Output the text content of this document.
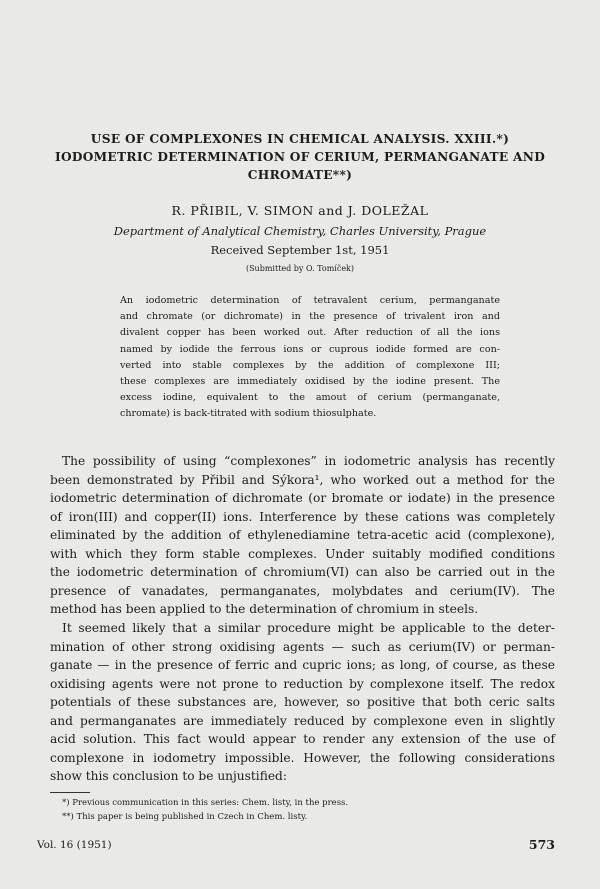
USE OF COMPLEXONES IN CHEMICAL ANALYSIS. XXIII.*)
IODOMETRIC DETERMINATION OF CERIUM, PERMANGANATE AND
CHROMATE**)
R. PŘIBIL, V. SIMON and J. DOLEŽAL
Department of Analytical Chemistry, Charles University, Prague
Received September 1st, 1951
(Submitted by O. Tomíček)
An iodometric determination of tetravalent cerium, permanganate
and chromate (or dichromate) in the presence of trivalent iron and
divalent copper has been worked out. After reduction of all the ions
named by iodide the ferrous ions or cuprous iodide formed are con-
verted into stable complexes by the addition of complexone III;
these complexes are immediately oxidised by the iodine present. The
excess iodine, equivalent to the amout of cerium (permanganate,
chromate) is back-titrated with sodium thiosulphate.
The possibility of using “complexones” in iodometric analysis has recently
been demonstrated by Přibil and Sýkora¹, who worked out a method for the
iodometric determination of dichromate (or bromate or iodate) in the presence
of iron(III) and copper(II) ions. Interference by these cations was completely
eliminated by the addition of ethylenediamine tetra-acetic acid (complexone),
with which they form stable complexes. Under suitably modified conditions
the iodometric determination of chromium(VI) can also be carried out in the
presence of vanadates, permanganates, molybdates and cerium(IV). The
method has been applied to the determination of chromium in steels.
It seemed likely that a similar procedure might be applicable to the deter-
mination of other strong oxidising agents — such as cerium(IV) or perman-
ganate — in the presence of ferric and cupric ions; as long, of course, as these
oxidising agents were not prone to reduction by complexone itself. The redox
potentials of these substances are, however, so positive that both ceric salts
and permanganates are immediately reduced by complexone even in slightly
acid solution. This fact would appear to render any extension of the use of
complexone in iodometry impossible. However, the following considerations
show this conclusion to be unjustified:
*) Previous communication in this series: Chem. listy, in the press.
**) This paper is being published in Czech in Chem. listy.
Vol. 16 (1951)	573
